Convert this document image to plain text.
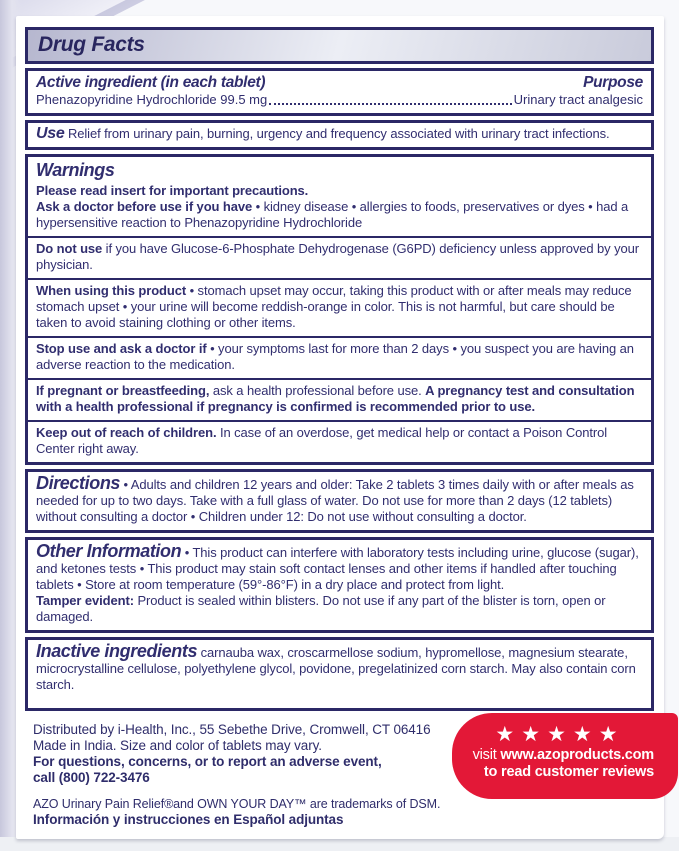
Drug Facts
Active ingredient (in each tablet)	Purpose
Phenazopyridine Hydrochloride 99.5 mg	Urinary tract analgesic

Use Relief from urinary pain, burning, urgency and frequency associated with urinary tract infections.

Warnings

Please read insert for important precautions.

Ask a doctor before use if you have • kidney disease • allergies to foods, preservatives or dyes • had a hypersensitive reaction to Phenazopyridine Hydrochloride

Do not use if you have Glucose-6-Phosphate Dehydrogenase (G6PD) deficiency unless approved by your physician.

When using this product • stomach upset may occur, taking this product with or after meals may reduce stomach upset • your urine will become reddish-orange in color. This is not harmful, but care should be taken to avoid staining clothing or other items.

Stop use and ask a doctor if • your symptoms last for more than 2 days • you suspect you are having an adverse reaction to the medication.

If pregnant or breastfeeding, ask a health professional before use. A pregnancy test and consultation with a health professional if pregnancy is confirmed is recommended prior to use.

Keep out of reach of children. In case of an overdose, get medical help or contact a Poison Control Center right away.

Directions • Adults and children 12 years and older: Take 2 tablets 3 times daily with or after meals as needed for up to two days. Take with a full glass of water. Do not use for more than 2 days (12 tablets) without consulting a doctor • Children under 12: Do not use without consulting a doctor.

Other Information • This product can interfere with laboratory tests including urine, glucose (sugar), and ketones tests • This product may stain soft contact lenses and other items if handled after touching tablets • Store at room temperature (59°-86°F) in a dry place and protect from light.

Tamper evident: Product is sealed within blisters. Do not use if any part of the blister is torn, open or damaged.

Inactive ingredients carnauba wax, croscarmellose sodium, hypromellose, magnesium stearate, microcrystalline cellulose, polyethylene glycol, povidone, pregelatinized corn starch. May also contain corn starch.

Distributed by i-Health, Inc., 55 Sebethe Drive, Cromwell, CT 06416

Made in India. Size and color of tablets may vary.

For questions, concerns, or to report an adverse event,

call (800) 722-3476

AZO Urinary Pain Relief®and OWN YOUR DAY™ are trademarks of DSM.

Información y instrucciones en Español adjuntas

★★★★★
visit www.azoproducts.com
to read customer reviews
